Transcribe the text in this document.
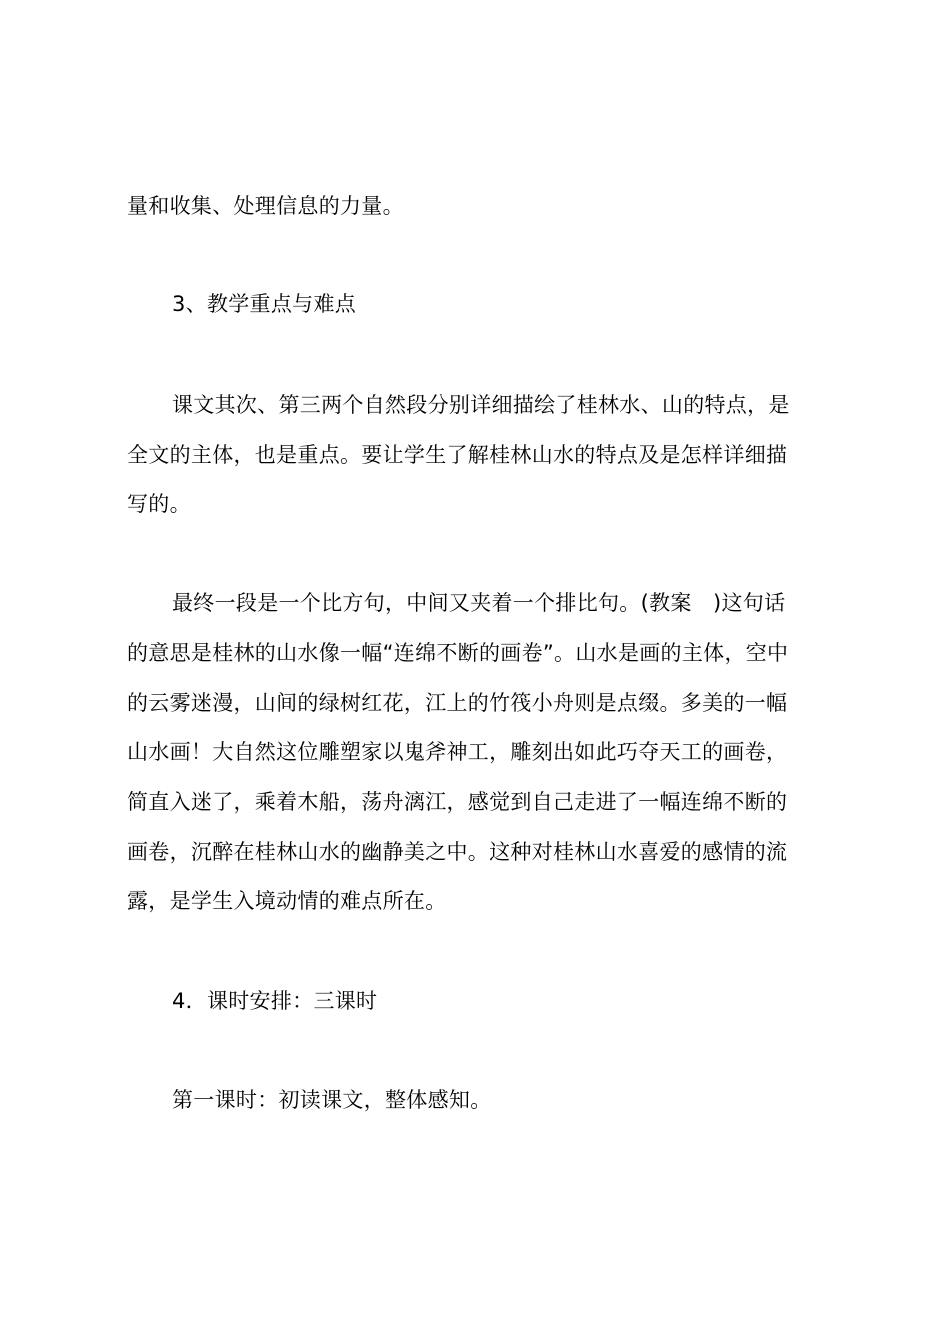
量和收集、处理信息的力量。
3、教学重点与难点
课文其次、第三两个自然段分别详细描绘了桂林水、山的特点，是
全文的主体，也是重点。要让学生了解桂林山水的特点及是怎样详细描
写的。
最终一段是一个比方句，中间又夹着一个排比句。(教案　)这句话
的意思是桂林的山水像一幅“连绵不断的画卷”。山水是画的主体，空中
的云雾迷漫，山间的绿树红花，江上的竹筏小舟则是点缀。多美的一幅
山水画！大自然这位雕塑家以鬼斧神工，雕刻出如此巧夺天工的画卷，
简直入迷了，乘着木船，荡舟漓江，感觉到自己走进了一幅连绵不断的
画卷，沉醉在桂林山水的幽静美之中。这种对桂林山水喜爱的感情的流
露，是学生入境动情的难点所在。
4．课时安排：三课时
第一课时：初读课文，整体感知。
